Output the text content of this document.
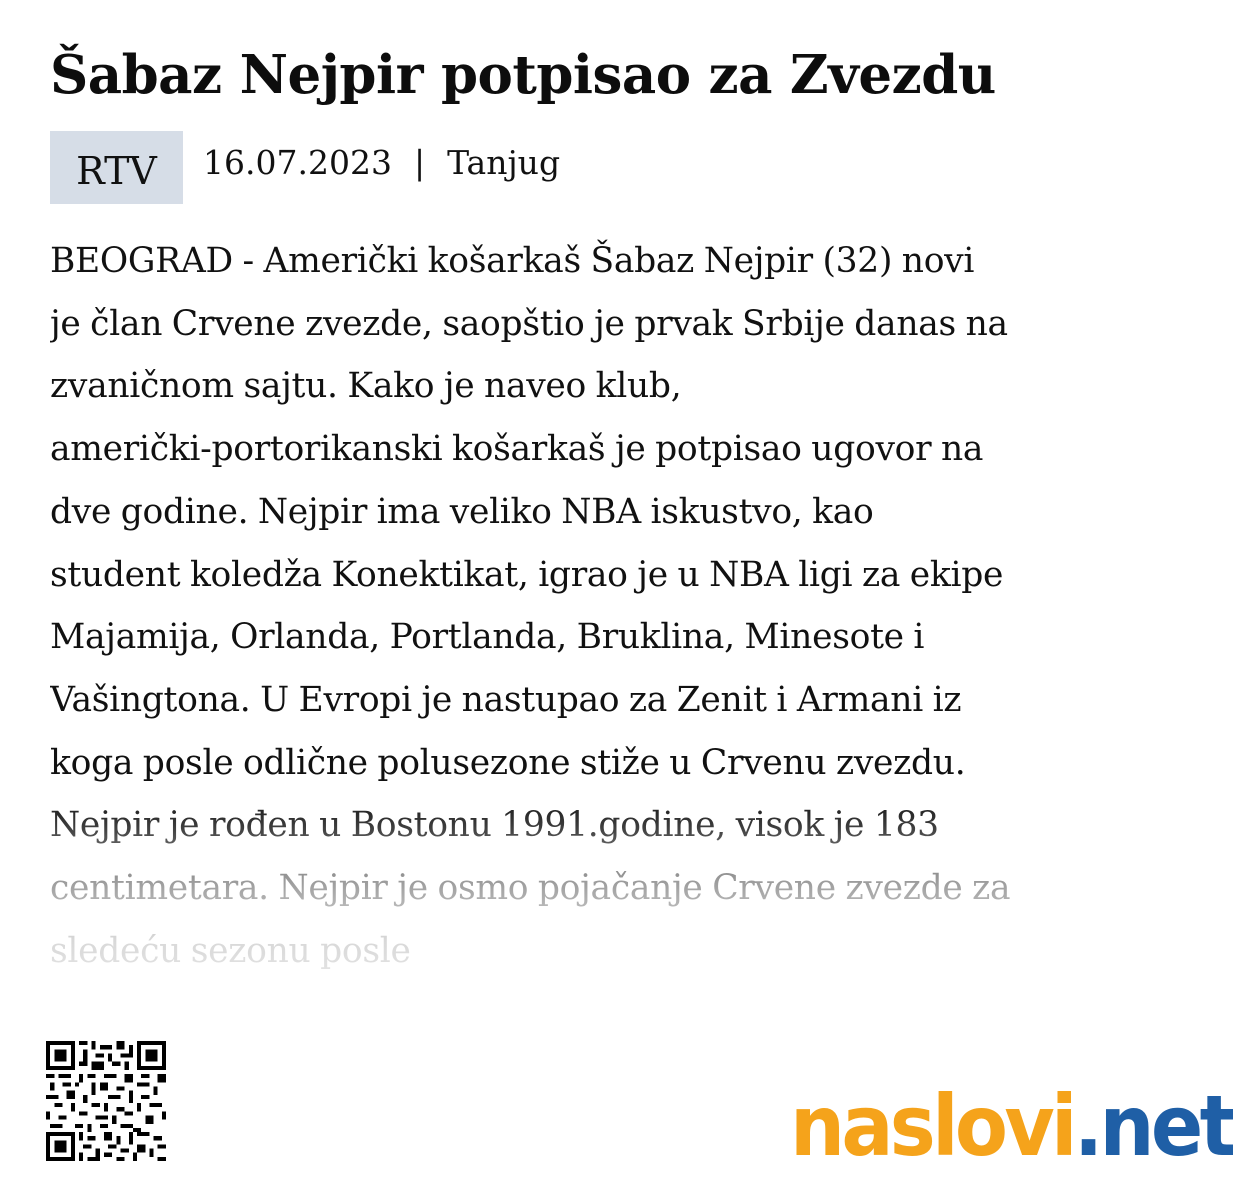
Šabaz Nejpir potpisao za Zvezdu
RTV	16.07.2023 | Tanjug

BEOGRAD - Američki košarkaš Šabaz Nejpir (32) novi
je član Crvene zvezde, saopštio je prvak Srbije danas na
zvaničnom sajtu. Kako je naveo klub,
američki-portorikanski košarkaš je potpisao ugovor na
dve godine. Nejpir ima veliko NBA iskustvo, kao
student koledža Konektikat, igrao je u NBA ligi za ekipe
Majamija, Orlanda, Portlanda, Bruklina, Minesote i
Vašingtona. U Evropi je nastupao za Zenit i Armani iz
koga posle odlične polusezone stiže u Crvenu zvezdu.
Nejpir je rođen u Bostonu 1991.godine, visok je 183
centimetara. Nejpir je osmo pojačanje Crvene zvezde za
sledeću sezonu posle

naslovi .net
